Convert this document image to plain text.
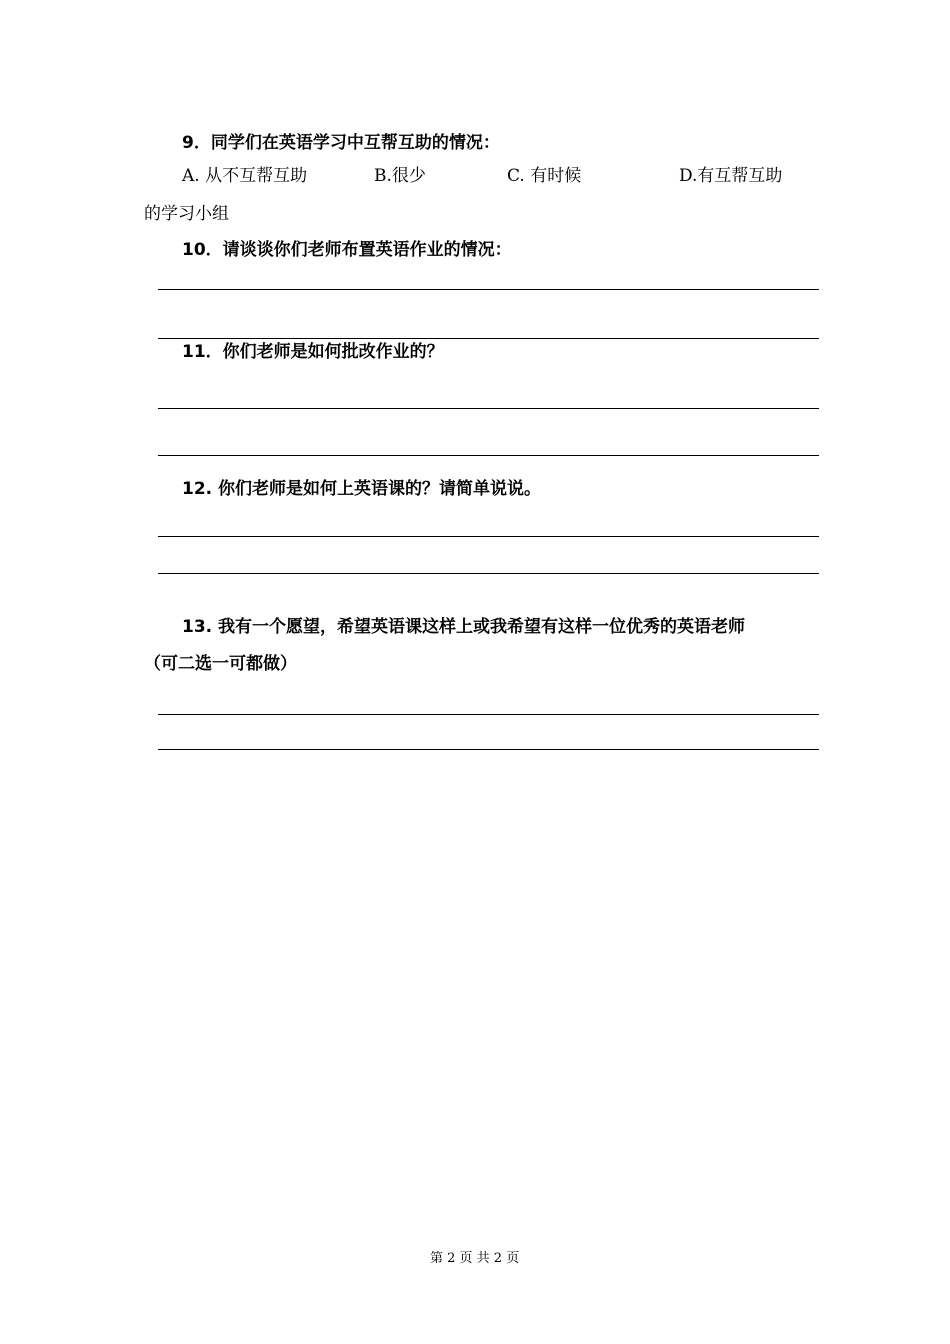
9．同学们在英语学习中互帮互助的情况：
A. 从不互帮互助	B.很少	C. 有时候	D.有互帮互助
的学习小组
10．请谈谈你们老师布置英语作业的情况：
11．你们老师是如何批改作业的？
12. 你们老师是如何上英语课的？请简单说说。
13. 我有一个愿望，希望英语课这样上或我希望有这样一位优秀的英语老师
（可二选一可都做）
第 2 页 共 2 页
